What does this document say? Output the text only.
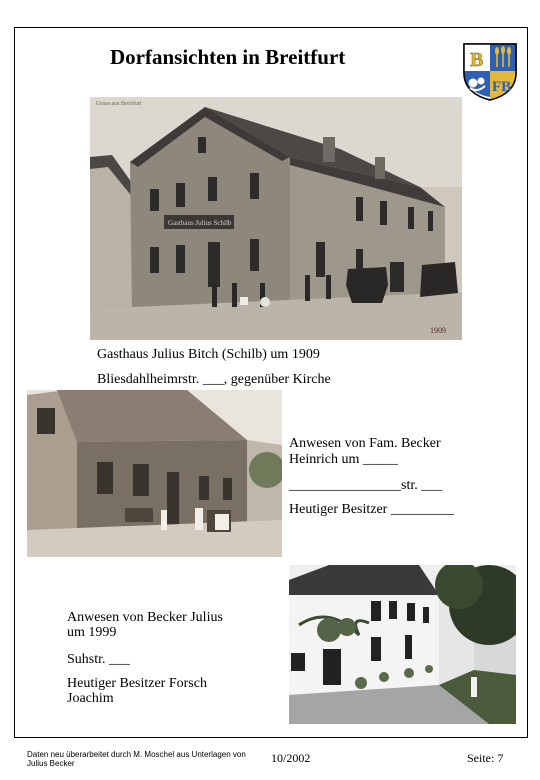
Dorfansichten in Breitfurt	B
FB
Gasthaus Julius Schilb
Gruss aus Breitfurt
1909
Gasthaus Julius Bitch (Schilb) um 1909
Bliesdahlheimrstr. ___, gegenüber Kirche
Anwesen von Fam. Becker
Heinrich um _____
________________str. ___
Heutiger Besitzer _________
Anwesen von Becker Julius
um 1999
Suhstr. ___
Heutiger Besitzer Forsch
Joachim
Daten neu überarbeitet durch M. Moschel aus Unterlagen von
Julius Becker	10/2002	Seite: 7
